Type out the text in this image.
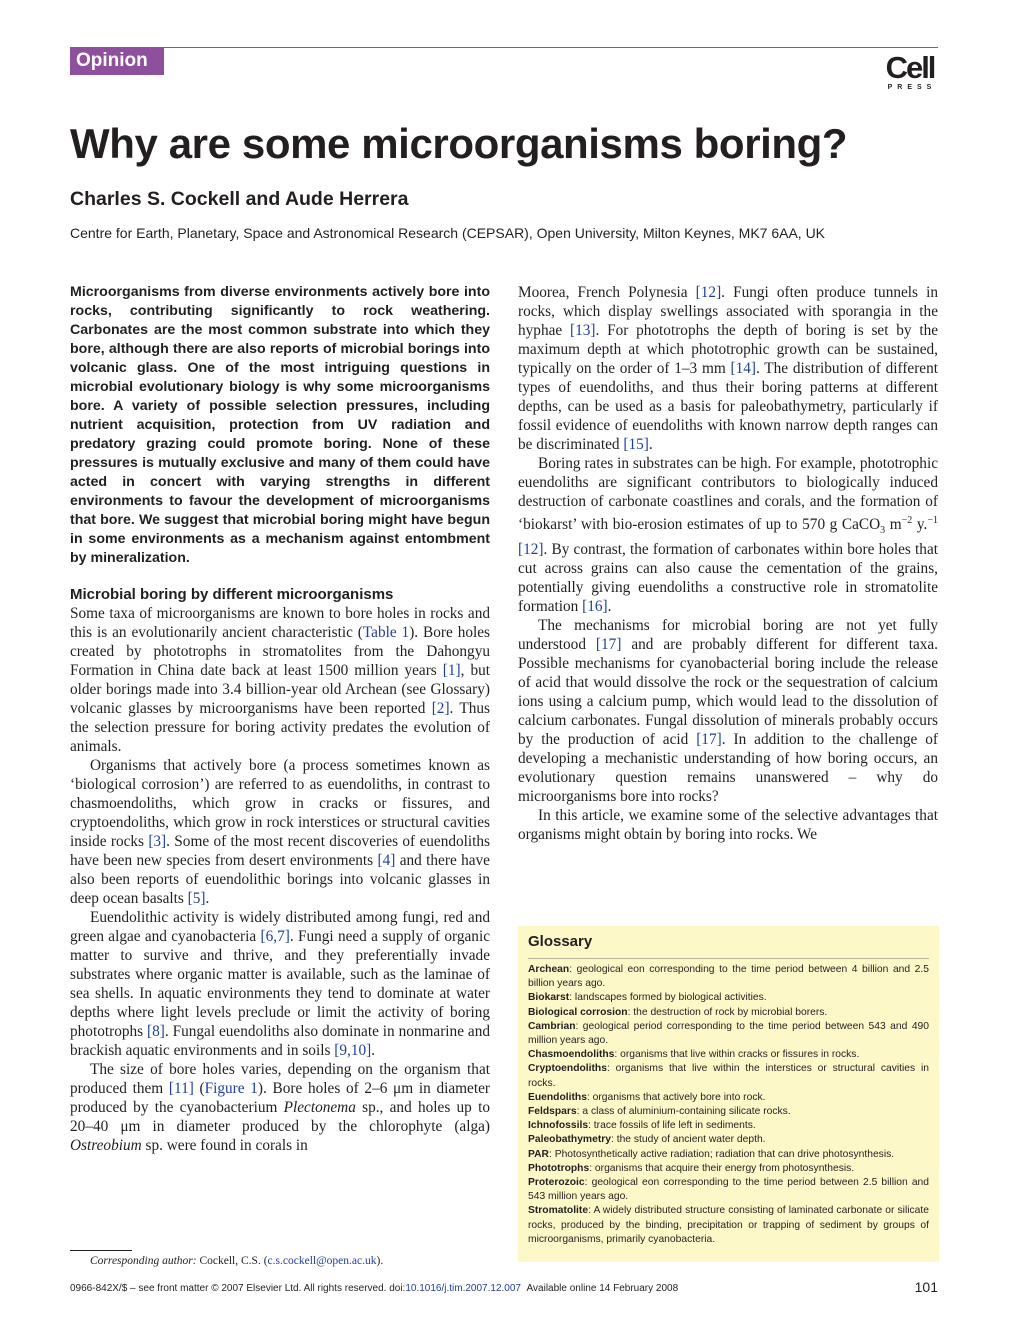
Opinion	Cell
PRESS
Why are some microorganisms boring?
Charles S. Cockell and Aude Herrera
Centre for Earth, Planetary, Space and Astronomical Research (CEPSAR), Open University, Milton Keynes, MK7 6AA, UK

Microorganisms from diverse environments actively bore into rocks, contributing significantly to rock weathering. Carbonates are the most common substrate into which they bore, although there are also reports of microbial borings into volcanic glass. One of the most intriguing questions in microbial evolutionary biology is why some microorganisms bore. A variety of possible selection pressures, including nutrient acquisition, protection from UV radiation and predatory grazing could promote boring. None of these pressures is mutually exclusive and many of them could have acted in concert with varying strengths in different environments to favour the development of microorganisms that bore. We suggest that microbial boring might have begun in some environments as a mechanism against entombment by mineralization.

Microbial boring by different microorganisms

Some taxa of microorganisms are known to bore holes in rocks and this is an evolutionarily ancient characteristic (Table 1). Bore holes created by phototrophs in stromatolites from the Dahongyu Formation in China date back at least 1500 million years [1], but older borings made into 3.4 billion-year old Archean (see Glossary) volcanic glasses by microorganisms have been reported [2]. Thus the selection pressure for boring activity predates the evolution of animals.

Organisms that actively bore (a process sometimes known as ‘biological corrosion’) are referred to as euendoliths, in contrast to chasmoendoliths, which grow in cracks or fissures, and cryptoendoliths, which grow in rock interstices or structural cavities inside rocks [3]. Some of the most recent discoveries of euendoliths have been new species from desert environments [4] and there have also been reports of euendolithic borings into volcanic glasses in deep ocean basalts [5].

Euendolithic activity is widely distributed among fungi, red and green algae and cyanobacteria [6,7]. Fungi need a supply of organic matter to survive and thrive, and they preferentially invade substrates where organic matter is available, such as the laminae of sea shells. In aquatic environments they tend to dominate at water depths where light levels preclude or limit the activity of boring phototrophs [8]. Fungal euendoliths also dominate in nonmarine and brackish aquatic environments and in soils [9,10].

The size of bore holes varies, depending on the organism that produced them [11] (Figure 1). Bore holes of 2–6 μm in diameter produced by the cyanobacterium Plectonema sp., and holes up to 20–40 μm in diameter produced by the chlorophyte (alga) Ostreobium sp. were found in corals in

Moorea, French Polynesia [12]. Fungi often produce tunnels in rocks, which display swellings associated with sporangia in the hyphae [13]. For phototrophs the depth of boring is set by the maximum depth at which phototrophic growth can be sustained, typically on the order of 1–3 mm [14]. The distribution of different types of euendoliths, and thus their boring patterns at different depths, can be used as a basis for paleobathymetry, particularly if fossil evidence of euendoliths with known narrow depth ranges can be discriminated [15].

Boring rates in substrates can be high. For example, phototrophic euendoliths are significant contributors to biologically induced destruction of carbonate coastlines and corals, and the formation of ‘biokarst’ with bio-erosion estimates of up to 570 g CaCO$_3$ $m^{-2}$ y.$^{-1}$ [12]. By contrast, the formation of carbonates within bore holes that cut across grains can also cause the cementation of the grains, potentially giving euendoliths a constructive role in stromatolite formation [16].

The mechanisms for microbial boring are not yet fully understood [17] and are probably different for different taxa. Possible mechanisms for cyanobacterial boring include the release of acid that would dissolve the rock or the sequestration of calcium ions using a calcium pump, which would lead to the dissolution of calcium carbonates. Fungal dissolution of minerals probably occurs by the production of acid [17]. In addition to the challenge of developing a mechanistic understanding of how boring occurs, an evolutionary question remains unanswered – why do microorganisms bore into rocks?

In this article, we examine some of the selective advantages that organisms might obtain by boring into rocks. We

Glossary
Archean: geological eon corresponding to the time period between 4 billion and 2.5 billion years ago.
Biokarst: landscapes formed by biological activities.
Biological corrosion: the destruction of rock by microbial borers.
Cambrian: geological period corresponding to the time period between 543 and 490 million years ago.
Chasmoendoliths: organisms that live within cracks or fissures in rocks.
Cryptoendoliths: organisms that live within the interstices or structural cavities in rocks.
Euendoliths: organisms that actively bore into rock.
Feldspars: a class of aluminium-containing silicate rocks.
Ichnofossils: trace fossils of life left in sediments.
Paleobathymetry: the study of ancient water depth.
PAR: Photosynthetically active radiation; radiation that can drive photosynthesis.
Phototrophs: organisms that acquire their energy from photosynthesis.
Proterozoic: geological eon corresponding to the time period between 2.5 billion and 543 million years ago.
Stromatolite: A widely distributed structure consisting of laminated carbonate or silicate rocks, produced by the binding, precipitation or trapping of sediment by groups of microorganisms, primarily cyanobacteria.
Corresponding author: Cockell, C.S. (c.s.cockell@open.ac.uk).
0966-842X/$ – see front matter © 2007 Elsevier Ltd. All rights reserved. doi:10.1016/j.tim.2007.12.007 Available online 14 February 2008	101
